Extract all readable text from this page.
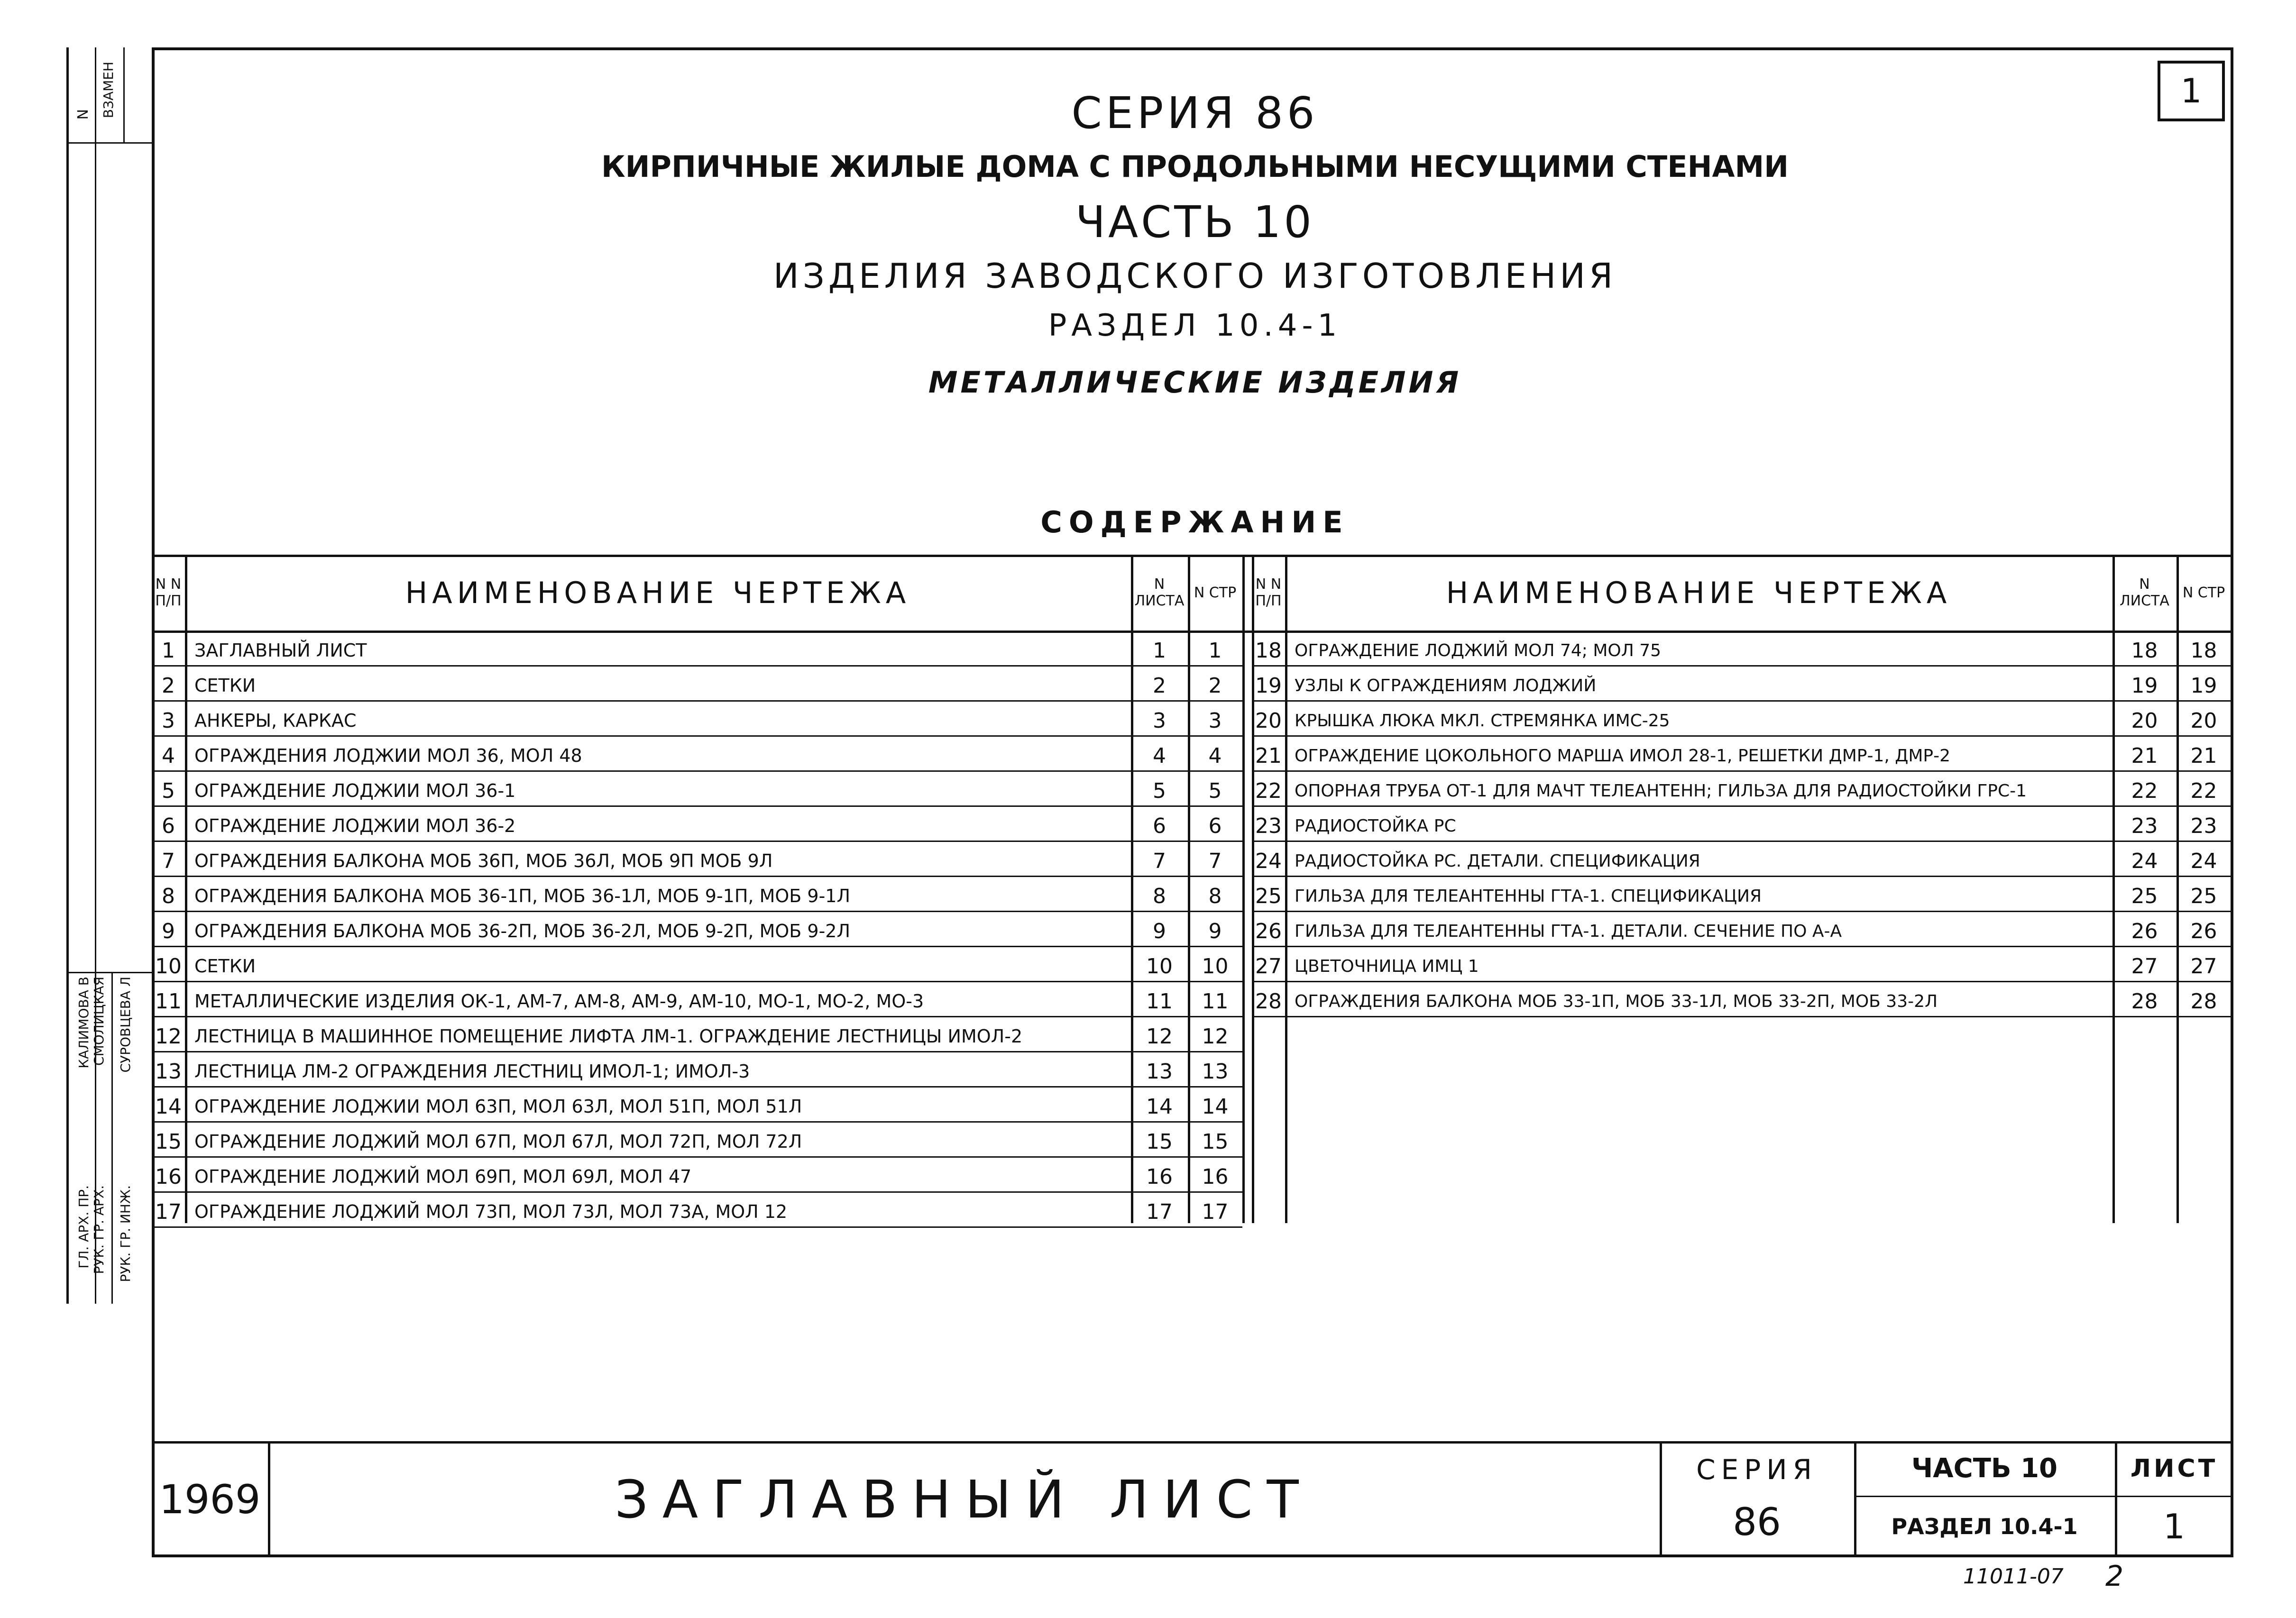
1
N ВЗАМЕН
КАЛИМОВА В СМОЛИЦКАЯ СУРОВЦЕВА Л
ГЛ. АРХ. ПР. РУК. ГР. АРХ. РУК. ГР. ИНЖ.
СЕРИЯ 86
КИРПИЧНЫЕ ЖИЛЫЕ ДОМА С ПРОДОЛЬНЫМИ НЕСУЩИМИ СТЕНАМИ
ЧАСТЬ 10
ИЗДЕЛИЯ ЗАВОДСКОГО ИЗГОТОВЛЕНИЯ
РАЗДЕЛ 10.4-1
МЕТАЛЛИЧЕСКИЕ ИЗДЕЛИЯ
СОДЕРЖАНИЕ
N N П/П	НАИМЕНОВАНИЕ ЧЕРТЕЖА	N ЛИСТА N СТР	N N П/П	НАИМЕНОВАНИЕ ЧЕРТЕЖА	N ЛИСТА N СТР
1	ЗАГЛАВНЫЙ ЛИСТ	1	1
2	СЕТКИ	2	2
3	АНКЕРЫ, КАРКАС	3	3
4	ОГРАЖДЕНИЯ ЛОДЖИИ МОЛ 36, МОЛ 48	4	4
5	ОГРАЖДЕНИЕ ЛОДЖИИ МОЛ 36-1	5	5
6	ОГРАЖДЕНИЕ ЛОДЖИИ МОЛ 36-2	6	6
7	ОГРАЖДЕНИЯ БАЛКОНА МОБ 36П, МОБ 36Л, МОБ 9П МОБ 9Л	7	7
8	ОГРАЖДЕНИЯ БАЛКОНА МОБ 36-1П, МОБ 36-1Л, МОБ 9-1П, МОБ 9-1Л	8	8
9	ОГРАЖДЕНИЯ БАЛКОНА МОБ 36-2П, МОБ 36-2Л, МОБ 9-2П, МОБ 9-2Л	9	9
10 СЕТКИ	10	10
11 МЕТАЛЛИЧЕСКИЕ ИЗДЕЛИЯ ОК-1, АМ-7, АМ-8, АМ-9, АМ-10, МО-1, МО-2, МО-3	11	11
12 ЛЕСТНИЦА В МАШИННОЕ ПОМЕЩЕНИЕ ЛИФТА ЛМ-1. ОГРАЖДЕНИЕ ЛЕСТНИЦЫ ИМОЛ-2	12	12
13 ЛЕСТНИЦА ЛМ-2 ОГРАЖДЕНИЯ ЛЕСТНИЦ ИМОЛ-1; ИМОЛ-3	13	13
14 ОГРАЖДЕНИЕ ЛОДЖИИ МОЛ 63П, МОЛ 63Л, МОЛ 51П, МОЛ 51Л	14	14
15 ОГРАЖДЕНИЕ ЛОДЖИЙ МОЛ 67П, МОЛ 67Л, МОЛ 72П, МОЛ 72Л	15	15
16 ОГРАЖДЕНИЕ ЛОДЖИЙ МОЛ 69П, МОЛ 69Л, МОЛ 47	16	16
17 ОГРАЖДЕНИЕ ЛОДЖИЙ МОЛ 73П, МОЛ 73Л, МОЛ 73А, МОЛ 12	17	17
18 ОГРАЖДЕНИЕ ЛОДЖИЙ МОЛ 74; МОЛ 75	18	18
19 УЗЛЫ К ОГРАЖДЕНИЯМ ЛОДЖИЙ	19	19
20 КРЫШКА ЛЮКА МКЛ. СТРЕМЯНКА ИМС-25	20	20
21 ОГРАЖДЕНИЕ ЦОКОЛЬНОГО МАРША ИМОЛ 28-1, РЕШЕТКИ ДМР-1, ДМР-2	21	21
22 ОПОРНАЯ ТРУБА ОТ-1 ДЛЯ МАЧТ ТЕЛЕАНТЕНН; ГИЛЬЗА ДЛЯ РАДИОСТОЙКИ ГРС-1	22	22
23 РАДИОСТОЙКА РС	23	23
24 РАДИОСТОЙКА РС. ДЕТАЛИ. СПЕЦИФИКАЦИЯ	24	24
25 ГИЛЬЗА ДЛЯ ТЕЛЕАНТЕННЫ ГТА-1. СПЕЦИФИКАЦИЯ	25	25
26 ГИЛЬЗА ДЛЯ ТЕЛЕАНТЕННЫ ГТА-1. ДЕТАЛИ. СЕЧЕНИЕ ПО А-А	26	26
27 ЦВЕТОЧНИЦА ИМЦ 1	27	27
28 ОГРАЖДЕНИЯ БАЛКОНА МОБ 33-1П, МОБ 33-1Л, МОБ 33-2П, МОБ 33-2Л	28	28
1969	ЗАГЛАВНЫЙ ЛИСТ	СЕРИЯ
86
ЧАСТЬ 10
РАЗДЕЛ 10.4-1
ЛИСТ
1
11011-07 2
